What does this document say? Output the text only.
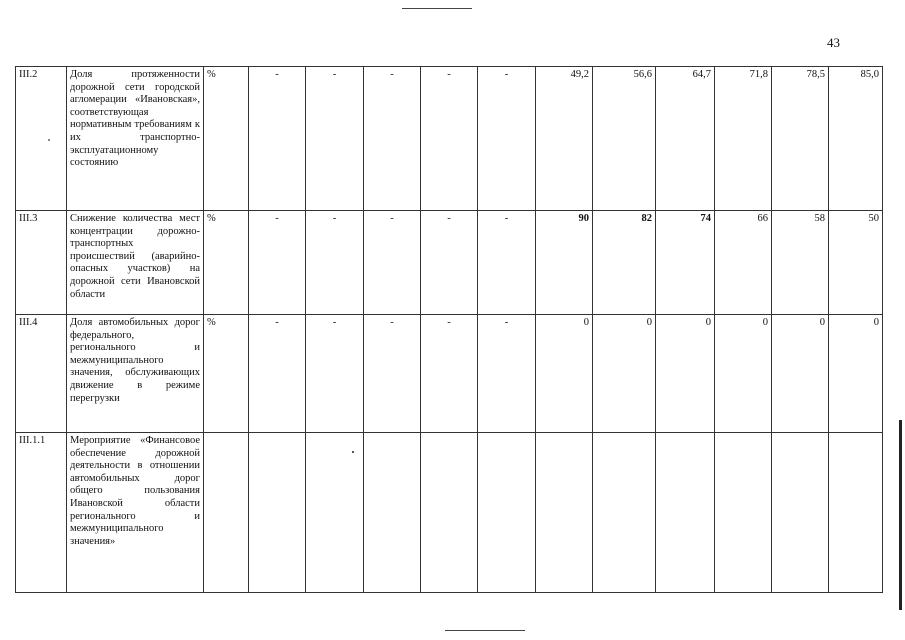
43
III.2	Доля протяженности дорожной сети городской агломерации «Ивановская», соответствующая нормативным требованиям к их транспортно-эксплуатационному состоянию	%	-	-	-	-	-	49,2	56,6	64,7	71,8	78,5	85,0
III.3	Снижение количества мест концентрации дорожно-транспортных происшествий (аварийно-опасных участков) на дорожной сети Ивановской области	%	-	-	-	-	-	90	82	74	66	58	50
III.4	Доля автомобильных дорог федерального, регионального и межмуниципального значения, обслуживающих движение в режиме перегрузки	%	-	-	-	-	-	0	0	0	0	0	0
III.1.1	Мероприятие «Финансовое обеспечение дорожной деятельности в отношении автомобильных дорог общего пользования Ивановской области регионального и межмуниципального значения»												
